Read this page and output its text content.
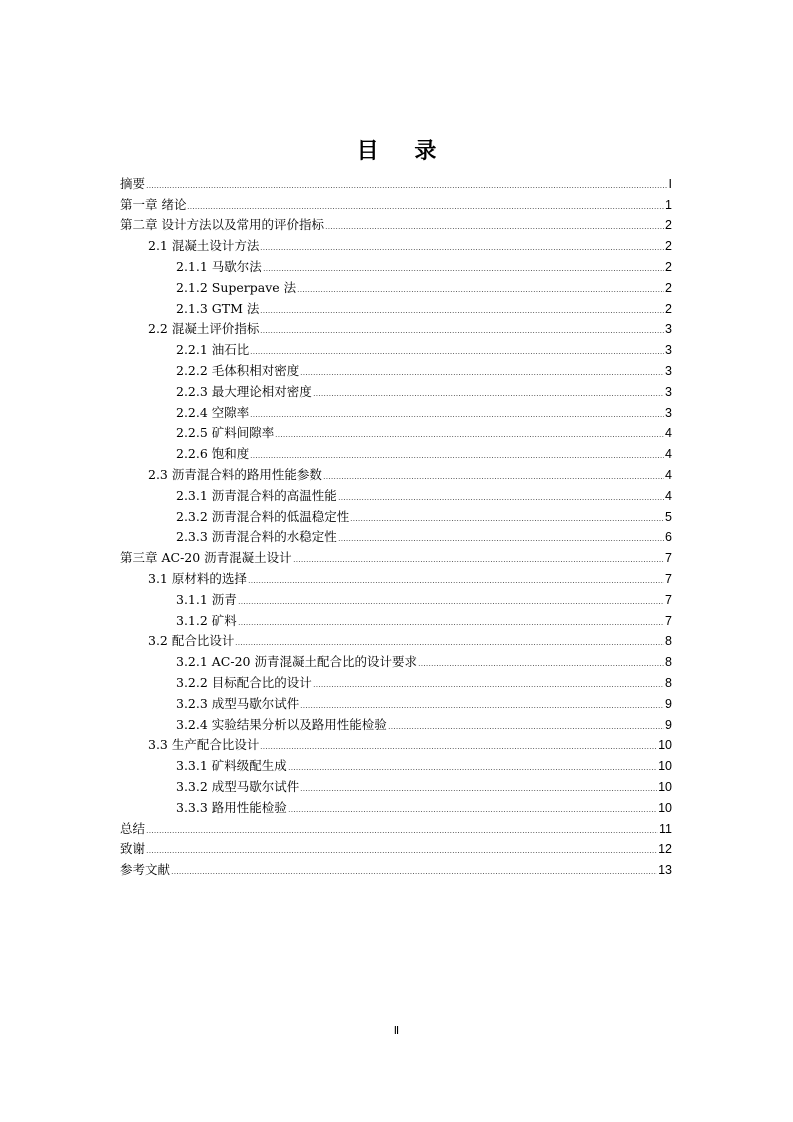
目 录
摘要	I
第一章 绪论	1
第二章 设计方法以及常用的评价指标	2
2.1 混凝土设计方法	2
2.1.1 马歇尔法	2
2.1.2 Superpave 法	2
2.1.3 GTM 法	2
2.2 混凝土评价指标	3
2.2.1 油石比	3
2.2.2 毛体积相对密度	3
2.2.3 最大理论相对密度	3
2.2.4 空隙率	3
2.2.5 矿料间隙率	4
2.2.6 饱和度	4
2.3 沥青混合料的路用性能参数	4
2.3.1 沥青混合料的高温性能	4
2.3.2 沥青混合料的低温稳定性	5
2.3.3 沥青混合料的水稳定性	6
第三章 AC-20 沥青混凝土设计	7
3.1 原材料的选择	7
3.1.1 沥青	7
3.1.2 矿料	7
3.2 配合比设计	8
3.2.1 AC-20 沥青混凝土配合比的设计要求	8
3.2.2 目标配合比的设计	8
3.2.3 成型马歇尔试件	9
3.2.4 实验结果分析以及路用性能检验	9
3.3 生产配合比设计	10
3.3.1 矿料级配生成	10
3.3.2 成型马歇尔试件	10
3.3.3 路用性能检验	10
总结	11
致谢	12
参考文献	13
Ⅱ
